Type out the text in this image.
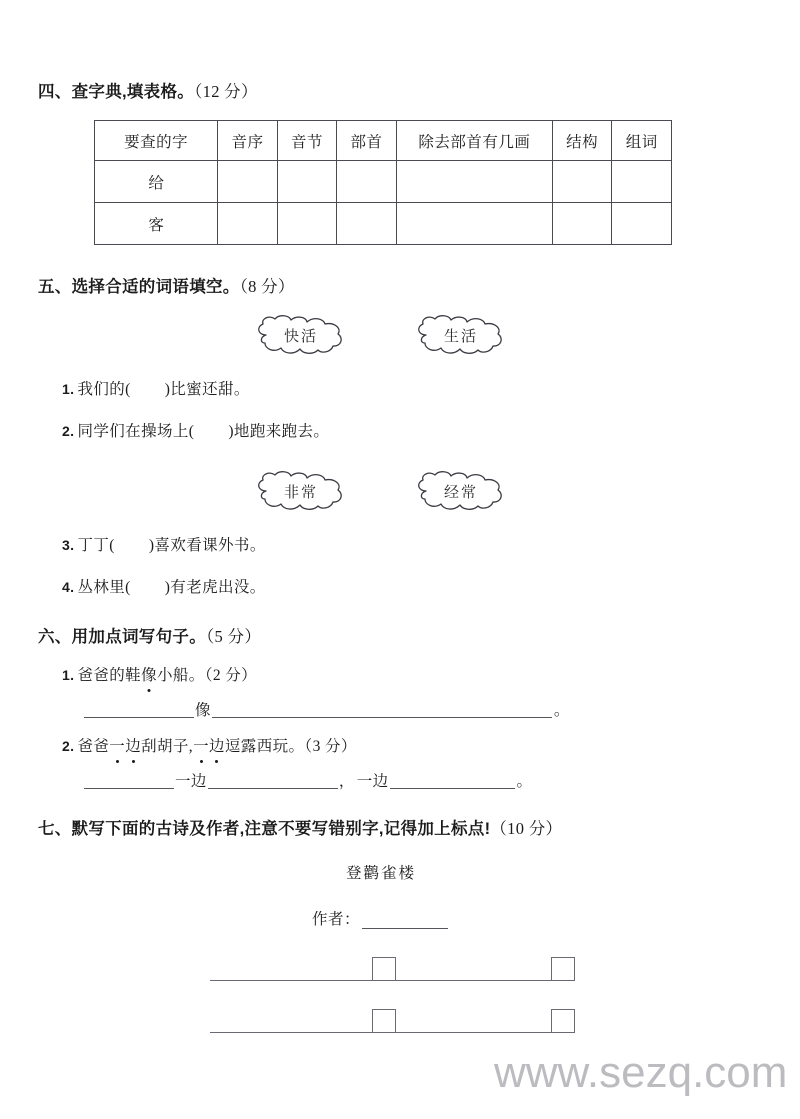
四、查字典,填表格。（12 分）
要查的字	音序	音节	部首	除去部首有几画	结构	组词
给						
客						
五、选择合适的词语填空。（8 分）
快活	生活
1. 我们的( )比蜜还甜。
2. 同学们在操场上( )地跑来跑去。
非常	经常
3. 丁丁( )喜欢看课外书。
4. 丛林里( )有老虎出没。
六、用加点词写句子。（5 分）
1. 爸爸的鞋像小船。（2 分）
像	。
2. 爸爸一边刮胡子,一边逗露西玩。（3 分）
一边	， 一边	。
七、默写下面的古诗及作者,注意不要写错别字,记得加上标点!（10 分）
登鹳雀楼
作者：
www.sezq.com
